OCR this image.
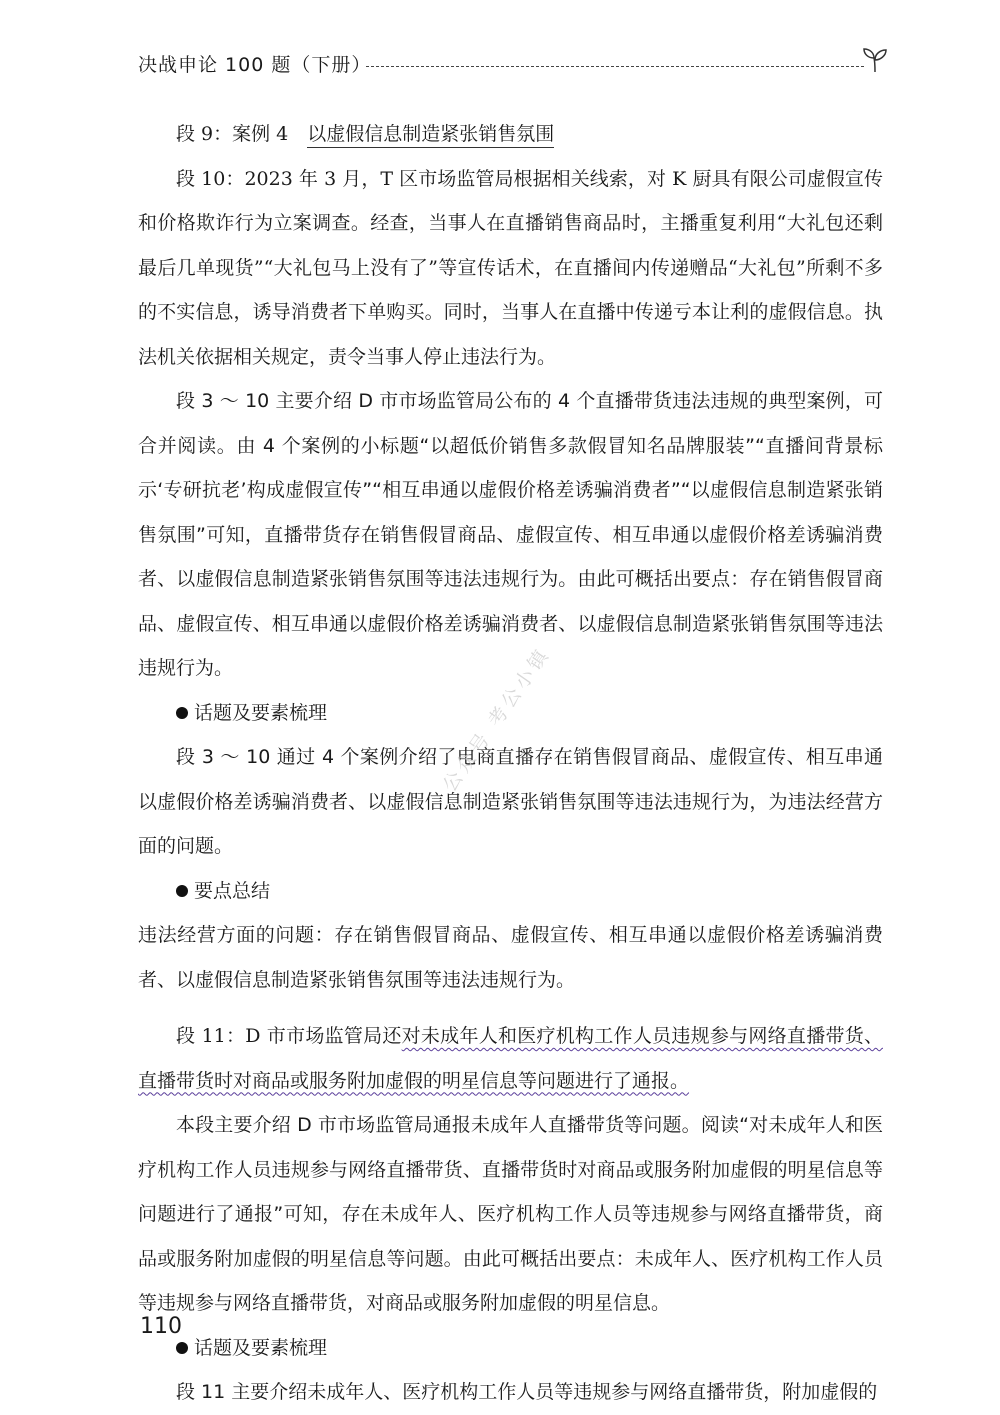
决战申论 100 题（下册）

段 9：案例 4　以虚假信息制造紧张销售氛围

段 10：2023 年 3 月，T 区市场监管局根据相关线索，对 K 厨具有限公司虚假宣传和价格欺诈行为立案调查。经查，当事人在直播销售商品时，主播重复利用“大礼包还剩最后几单现货”“大礼包马上没有了”等宣传话术，在直播间内传递赠品“大礼包”所剩不多的不实信息，诱导消费者下单购买。同时，当事人在直播中传递亏本让利的虚假信息。执法机关依据相关规定，责令当事人停止违法行为。

段 3 ～ 10 主要介绍 D 市市场监管局公布的 4 个直播带货违法违规的典型案例，可合并阅读。由 4 个案例的小标题“以超低价销售多款假冒知名品牌服装”“直播间背景标示‘专研抗老’构成虚假宣传”“相互串通以虚假价格差诱骗消费者”“以虚假信息制造紧张销售氛围”可知，直播带货存在销售假冒商品、虚假宣传、相互串通以虚假价格差诱骗消费者、以虚假信息制造紧张销售氛围等违法违规行为。由此可概括出要点：存在销售假冒商品、虚假宣传、相互串通以虚假价格差诱骗消费者、以虚假信息制造紧张销售氛围等违法违规行为。

话题及要素梳理

段 3 ～ 10 通过 4 个案例介绍了电商直播存在销售假冒商品、虚假宣传、相互串通以虚假价格差诱骗消费者、以虚假信息制造紧张销售氛围等违法违规行为，为违法经营方面的问题。

要点总结

违法经营方面的问题：存在销售假冒商品、虚假宣传、相互串通以虚假价格差诱骗消费者、以虚假信息制造紧张销售氛围等违法违规行为。

段 11：D 市市场监管局还对未成年人和医疗机构工作人员违规参与网络直播带货、直播带货时对商品或服务附加虚假的明星信息等问题进行了通报。

本段主要介绍 D 市市场监管局通报未成年人直播带货等问题。阅读“对未成年人和医疗机构工作人员违规参与网络直播带货、直播带货时对商品或服务附加虚假的明星信息等问题进行了通报”可知，存在未成年人、医疗机构工作人员等违规参与网络直播带货，商品或服务附加虚假的明星信息等问题。由此可概括出要点：未成年人、医疗机构工作人员等违规参与网络直播带货，对商品或服务附加虚假的明星信息。

话题及要素梳理

段 11 主要介绍未成年人、医疗机构工作人员等违规参与网络直播带货，附加虚假的

公众号 考公小镇
110
